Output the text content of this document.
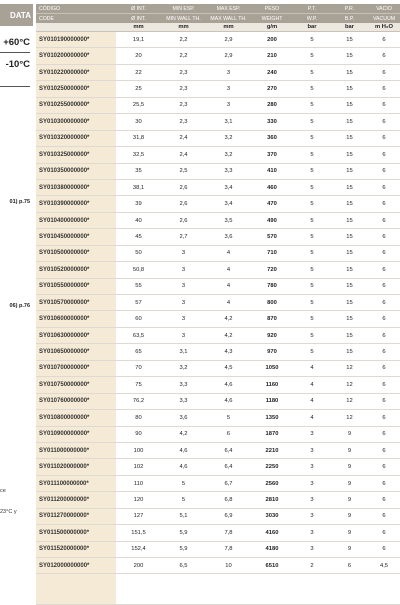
DATA
+60°C
-10°C
01) p.75
06) p.76
ce
23°C y
CÓDIGO	Ø INT.	MIN ESP.	MAX ESP.	PESO	P.T.	P.R.	VACIO
CODE	Ø INT.	MIN WALL TH.	MAX WALL TH.	WEIGHT	W.P.	B.P.	VACUUM
	mm	mm	mm	g/m	bar	bar	m H₂O
SY010190000000*	19,1	2,2	2,9	200	5	15	6
SY010200000000*	20	2,2	2,9	210	5	15	6
SY010220000000*	22	2,3	3	240	5	15	6
SY010250000000*	25	2,3	3	270	5	15	6
SY010255000000*	25,5	2,3	3	280	5	15	6
SY010300000000*	30	2,3	3,1	330	5	15	6
SY010320000000*	31,8	2,4	3,2	360	5	15	6
SY010325000000*	32,5	2,4	3,2	370	5	15	6
SY010350000000*	35	2,5	3,3	410	5	15	6
SY010380000000*	38,1	2,6	3,4	460	5	15	6
SY010390000000*	39	2,6	3,4	470	5	15	6
SY010400000000*	40	2,6	3,5	490	5	15	6
SY010450000000*	45	2,7	3,6	570	5	15	6
SY010500000000*	50	3	4	710	5	15	6
SY010520000000*	50,8	3	4	720	5	15	6
SY010550000000*	55	3	4	780	5	15	6
SY010570000000*	57	3	4	800	5	15	6
SY010600000000*	60	3	4,2	870	5	15	6
SY010630000000*	63,5	3	4,2	920	5	15	6
SY010650000000*	65	3,1	4,3	970	5	15	6
SY010700000000*	70	3,2	4,5	1050	4	12	6
SY010750000000*	75	3,3	4,6	1160	4	12	6
SY010760000000*	76,2	3,3	4,6	1180	4	12	6
SY010800000000*	80	3,6	5	1350	4	12	6
SY010900000000*	90	4,2	6	1870	3	9	6
SY011000000000*	100	4,6	6,4	2210	3	9	6
SY011020000000*	102	4,6	6,4	2250	3	9	6
SY011100000000*	110	5	6,7	2560	3	9	6
SY011200000000*	120	5	6,8	2810	3	9	6
SY011270000000*	127	5,1	6,9	3030	3	9	6
SY011500000000*	151,5	5,9	7,8	4160	3	9	6
SY011520000000*	152,4	5,9	7,8	4180	3	9	6
SY012000000000*	200	6,5	10	6510	2	6	4,5
